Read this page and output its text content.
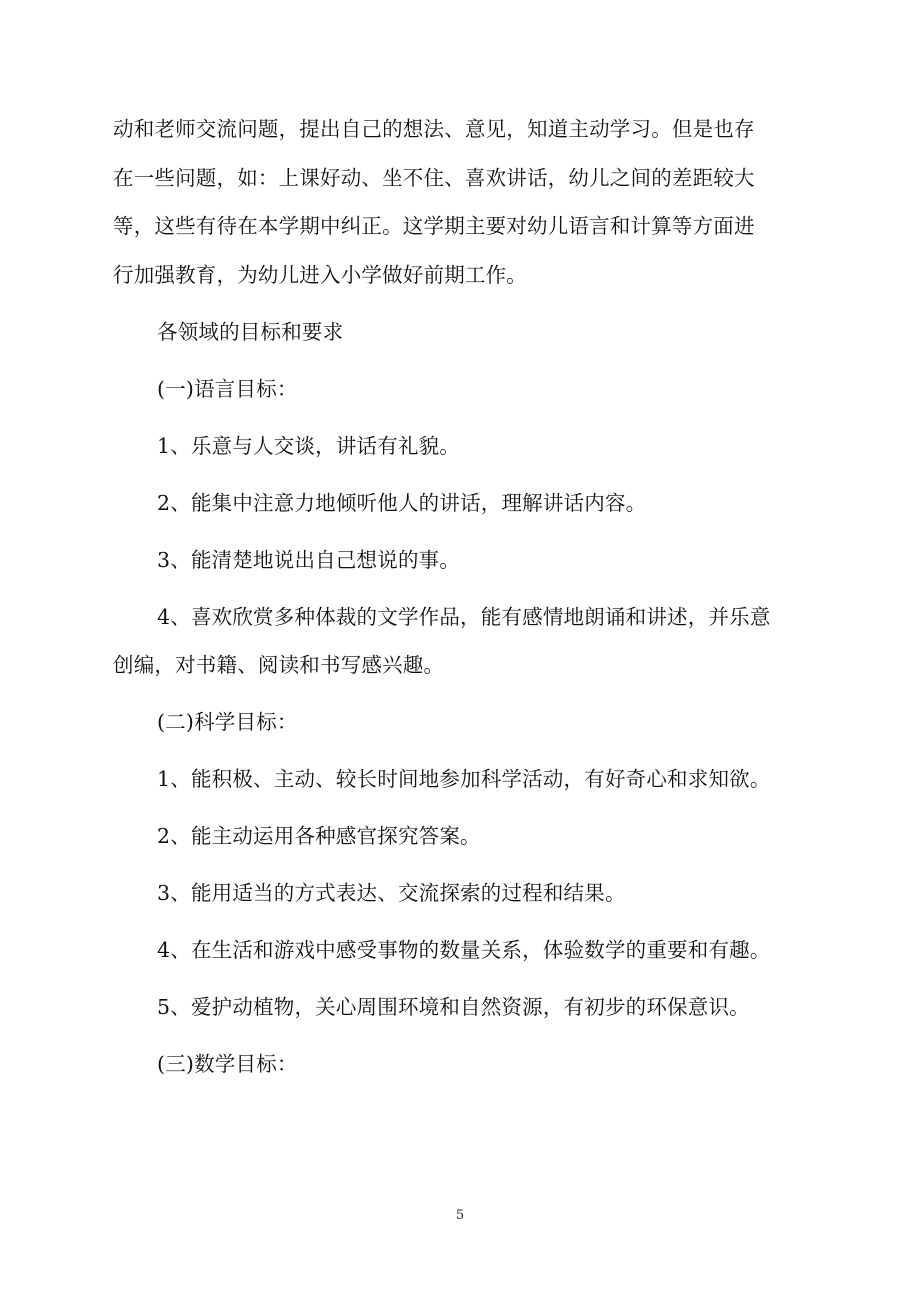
动和老师交流问题，提出自己的想法、意见，知道主动学习。但是也存
在一些问题，如：上课好动、坐不住、喜欢讲话，幼儿之间的差距较大
等，这些有待在本学期中纠正。这学期主要对幼儿语言和计算等方面进
行加强教育，为幼儿进入小学做好前期工作。

各领域的目标和要求

(一)语言目标：

1、乐意与人交谈，讲话有礼貌。

2、能集中注意力地倾听他人的讲话，理解讲话内容。

3、能清楚地说出自己想说的事。

4、喜欢欣赏多种体裁的文学作品，能有感情地朗诵和讲述，并乐意
创编，对书籍、阅读和书写感兴趣。

(二)科学目标：

1、能积极、主动、较长时间地参加科学活动，有好奇心和求知欲。

2、能主动运用各种感官探究答案。

3、能用适当的方式表达、交流探索的过程和结果。

4、在生活和游戏中感受事物的数量关系，体验数学的重要和有趣。

5、爱护动植物，关心周围环境和自然资源，有初步的环保意识。

(三)数学目标：

5
